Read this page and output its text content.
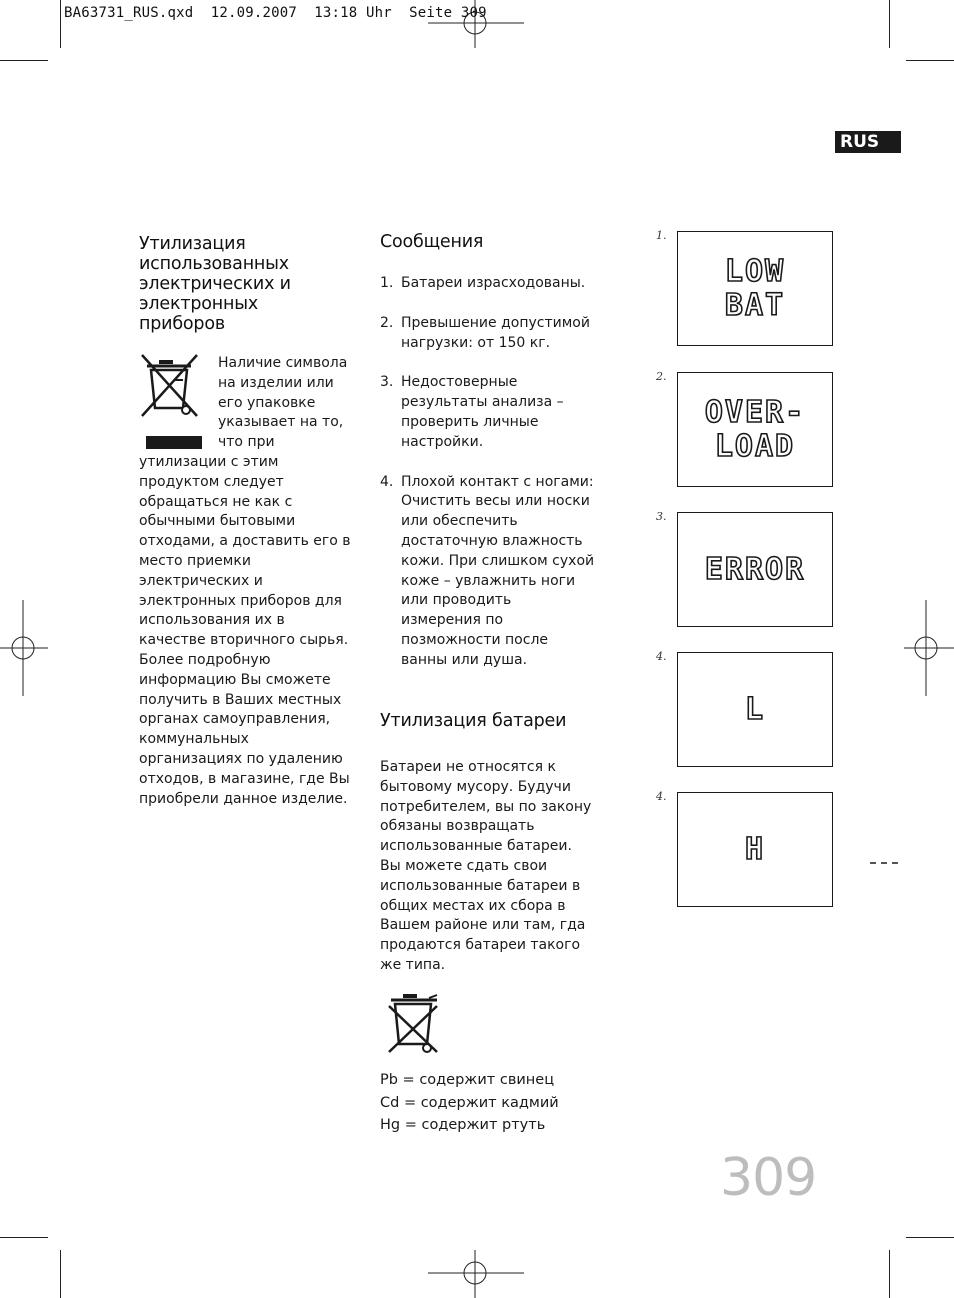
BA63731_RUS.qxd  12.09.2007  13:18 Uhr  Seite 309
RUS
Утилизация использованных электрических и электронных приборов
Наличие символа на изделии или его упаковке указывает на то, что при
утилизации с этим продуктом следует обращаться не как с обычными бытовыми отходами, а доставить его в место приемки электрических и электронных приборов для использования их в качестве вторичного сырья. Более подробную информацию Вы сможете получить в Ваших местных органах самоуправления, коммунальных организациях по удалению отходов, в магазине, где Вы приобрели данное изделие.
Сообщения
1. Батареи израсходованы.
2. Превышение допустимой нагрузки: от 150 кг.
3. Недостоверные результаты анализа – проверить личные настройки.
4. Плохой контакт с ногами: Очистить весы или носки или обеспечить достаточную влажность кожи. При слишком сухой коже – увлажнить ноги или проводить измерения по позможности после ванны или душа.
Утилизация батареи
Батареи не относятся к бытовому мусору. Будучи потребителем, вы по закону обязаны возвращать использованные батареи. Вы можете сдать свои использованные батареи в общих местах их сбора в Вашем районе или там, гда продаются батареи такого же типа.
Pb = содержит свинец
Cd = содержит кадмий
Hg = содержит ртуть
1.
LOW
BAT
2.
OVER-
LOAD
3.
ERROR
4.
L
4.
H
309
